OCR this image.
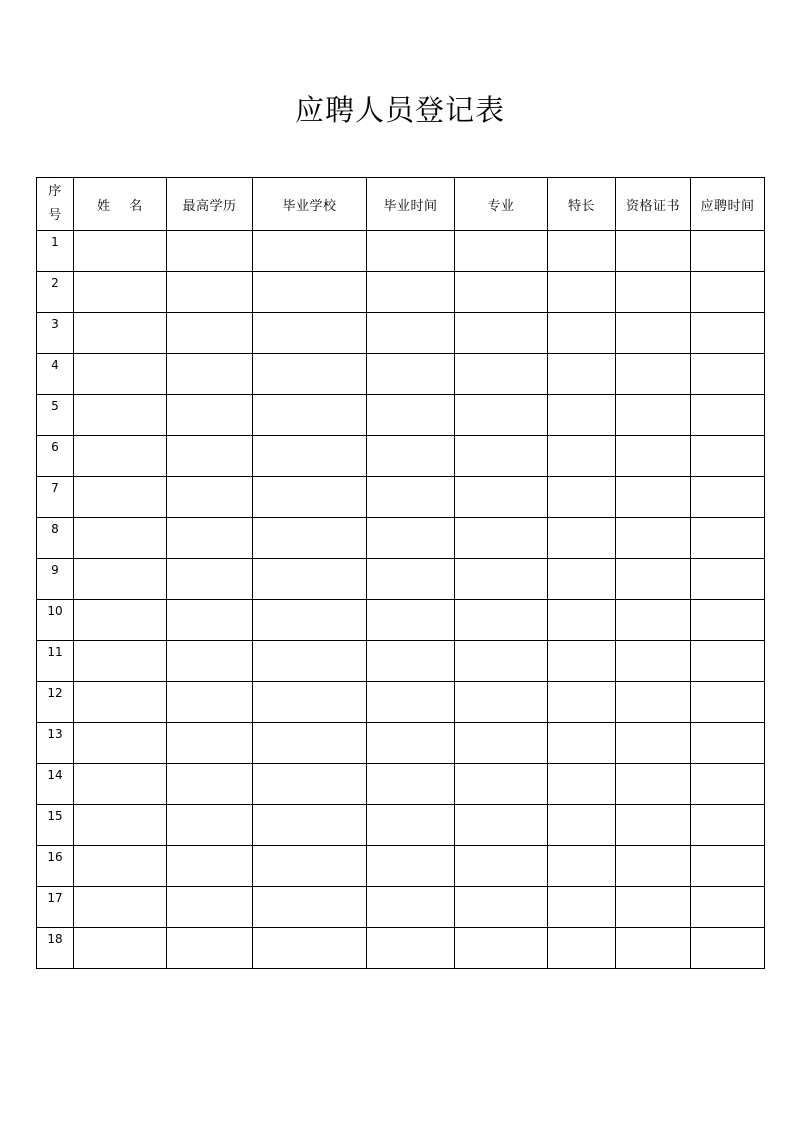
应聘人员登记表
序
号	姓 名	最高学历	毕业学校	毕业时间	专业	特长	资格证书	应聘时间
1								
2								
3								
4								
5								
6								
7								
8								
9								
10								
11								
12								
13								
14								
15								
16								
17								
18								
